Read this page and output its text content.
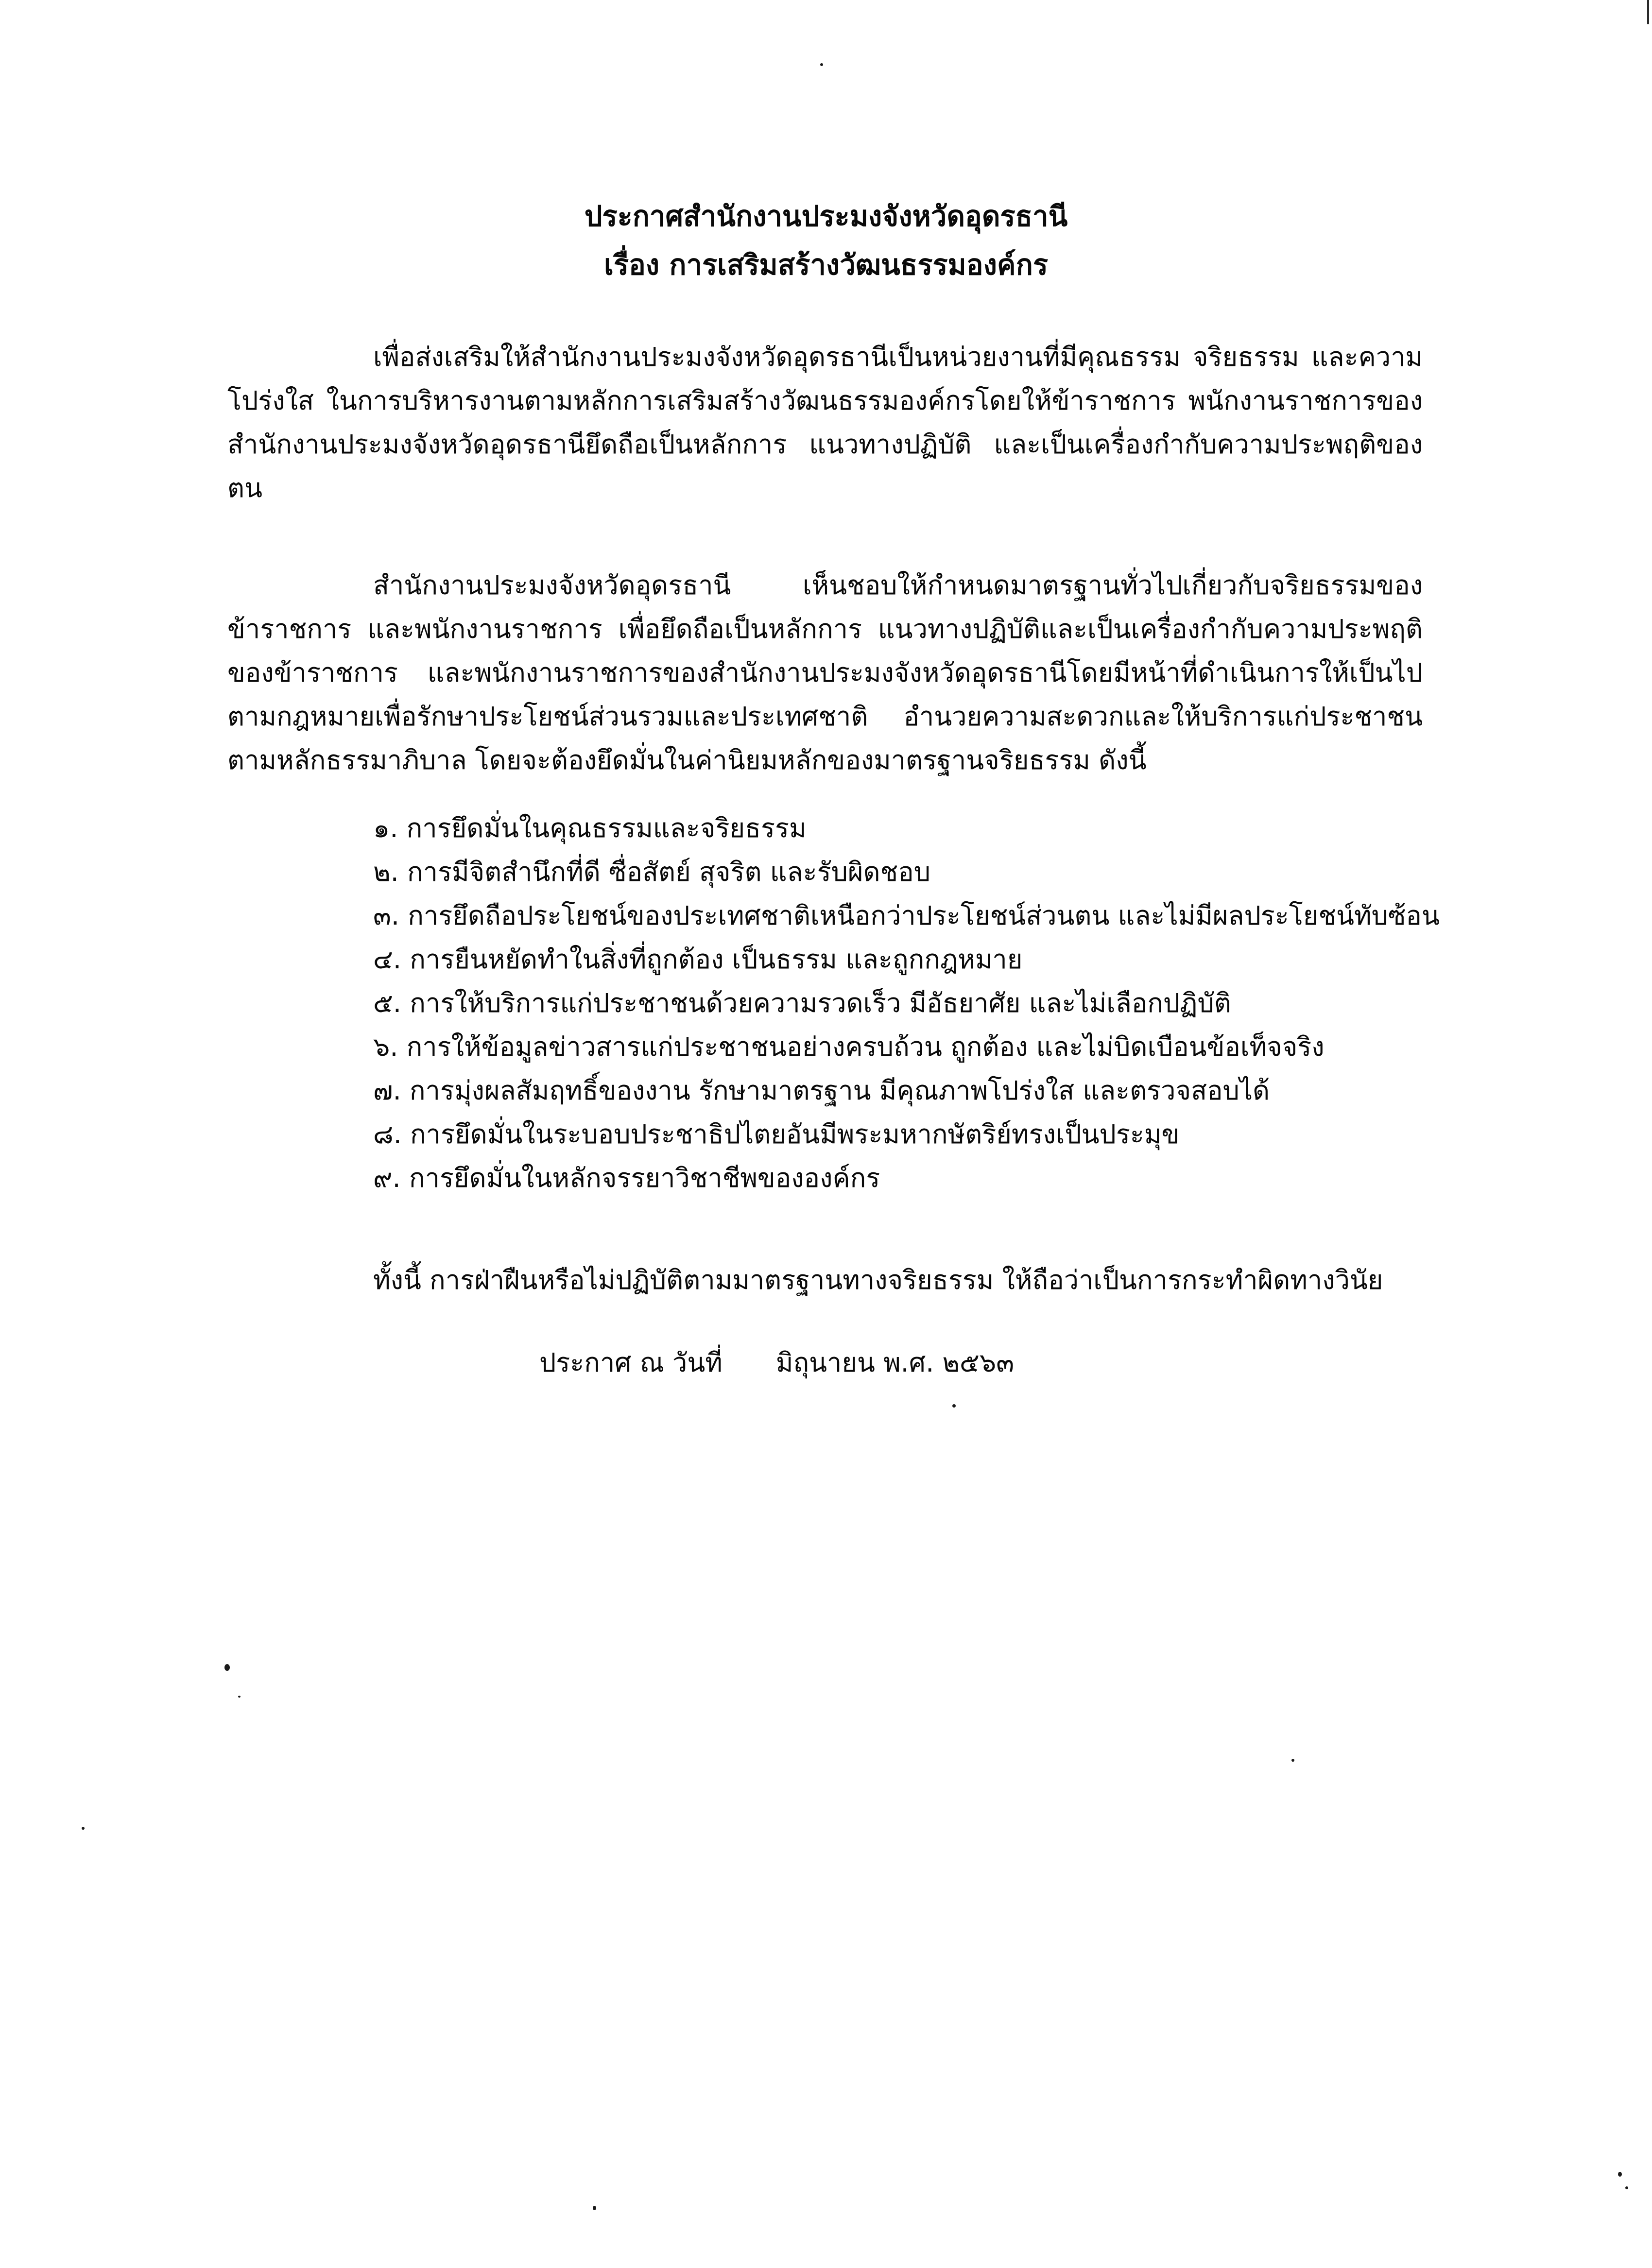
ประกาศสำนักงานประมงจังหวัดอุดรธานี
เรื่อง การเสริมสร้างวัฒนธรรมองค์กร

เพื่อส่งเสริมให้สำนักงานประมงจังหวัดอุดรธานีเป็นหน่วยงานที่มีคุณธรรม จริยธรรม และความโปร่งใส ในการบริหารงานตามหลักการเสริมสร้างวัฒนธรรมองค์กรโดยให้ข้าราชการ พนักงานราชการของสำนักงานประมงจังหวัดอุดรธานียึดถือเป็นหลักการ แนวทางปฏิบัติ และเป็นเครื่องกำกับความประพฤติของตน

สำนักงานประมงจังหวัดอุดรธานี เห็นชอบให้กำหนดมาตรฐานทั่วไปเกี่ยวกับจริยธรรมของข้าราชการ และพนักงานราชการ เพื่อยึดถือเป็นหลักการ แนวทางปฏิบัติและเป็นเครื่องกำกับความประพฤติของข้าราชการ และพนักงานราชการของสำนักงานประมงจังหวัดอุดรธานีโดยมีหน้าที่ดำเนินการให้เป็นไปตามกฎหมายเพื่อรักษาประโยชน์ส่วนรวมและประเทศชาติ อำนวยความสะดวกและให้บริการแก่ประชาชนตามหลักธรรมาภิบาล โดยจะต้องยึดมั่นในค่านิยมหลักของมาตรฐานจริยธรรม ดังนี้

๑. การยึดมั่นในคุณธรรมและจริยธรรม
๒. การมีจิตสำนึกที่ดี ซื่อสัตย์ สุจริต และรับผิดชอบ
๓. การยึดถือประโยชน์ของประเทศชาติเหนือกว่าประโยชน์ส่วนตน และไม่มีผลประโยชน์ทับซ้อน
๔. การยืนหยัดทำในสิ่งที่ถูกต้อง เป็นธรรม และถูกกฎหมาย
๕. การให้บริการแก่ประชาชนด้วยความรวดเร็ว มีอัธยาศัย และไม่เลือกปฏิบัติ
๖. การให้ข้อมูลข่าวสารแก่ประชาชนอย่างครบถ้วน ถูกต้อง และไม่บิดเบือนข้อเท็จจริง
๗. การมุ่งผลสัมฤทธิ์ของงาน รักษามาตรฐาน มีคุณภาพโปร่งใส และตรวจสอบได้
๘. การยึดมั่นในระบอบประชาธิปไตยอันมีพระมหากษัตริย์ทรงเป็นประมุข
๙. การยึดมั่นในหลักจรรยาวิชาชีพขององค์กร
ทั้งนี้ การฝ่าฝืนหรือไม่ปฏิบัติตามมาตรฐานทางจริยธรรม ให้ถือว่าเป็นการกระทำผิดทางวินัย
ประกาศ ณ วันที่ มิถุนายน พ.ศ. ๒๕๖๓
